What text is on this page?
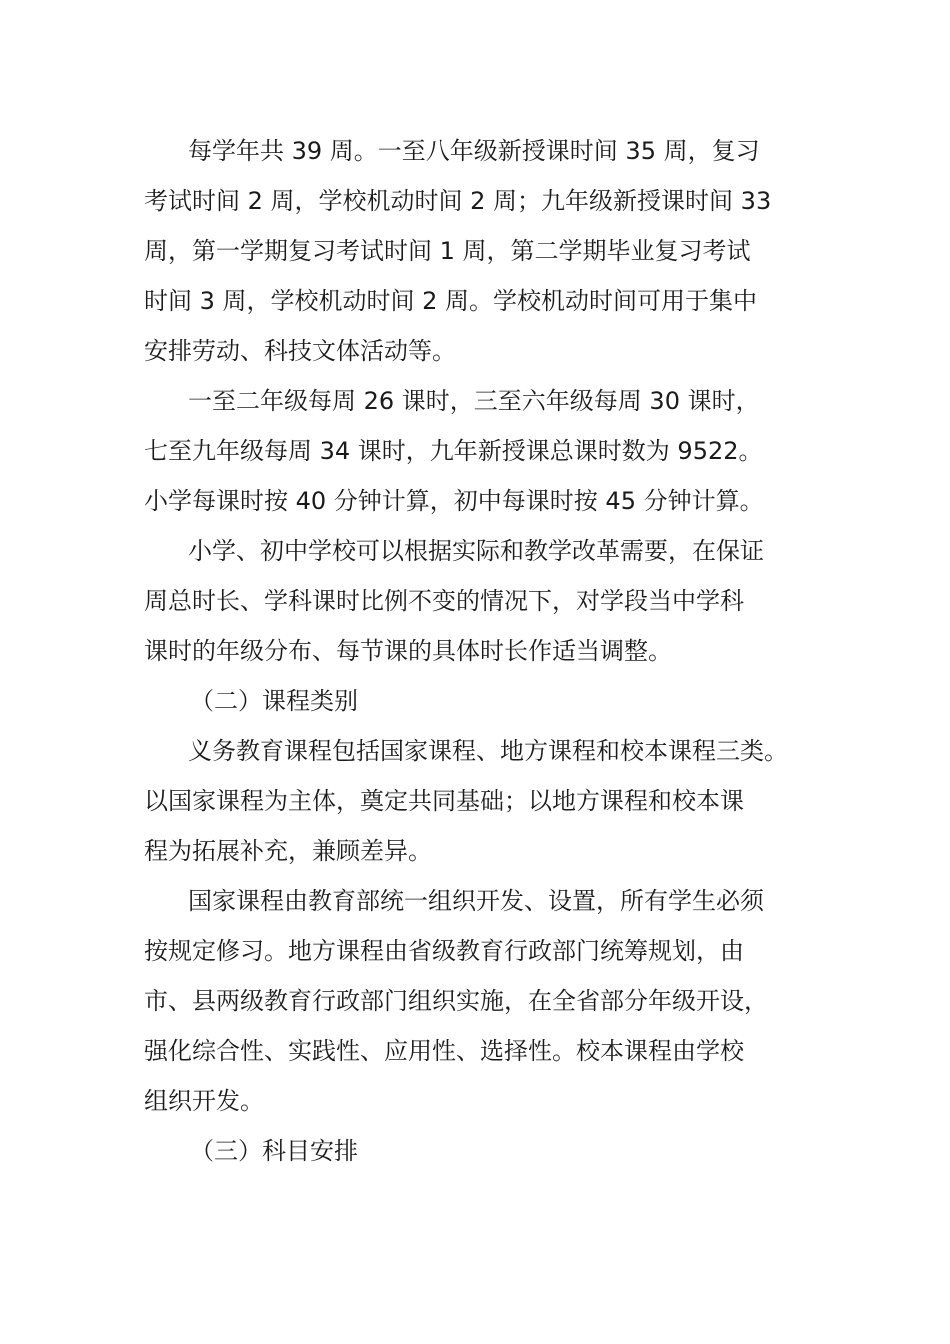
每学年共 39 周。一至八年级新授课时间 35 周，复习
考试时间 2 周，学校机动时间 2 周；九年级新授课时间 33
周，第一学期复习考试时间 1 周，第二学期毕业复习考试
时间 3 周，学校机动时间 2 周。学校机动时间可用于集中
安排劳动、科技文体活动等。
一至二年级每周 26 课时，三至六年级每周 30 课时，
七至九年级每周 34 课时，九年新授课总课时数为 9522。
小学每课时按 40 分钟计算，初中每课时按 45 分钟计算。
小学、初中学校可以根据实际和教学改革需要，在保证
周总时长、学科课时比例不变的情况下，对学段当中学科
课时的年级分布、每节课的具体时长作适当调整。
（二）课程类别
义务教育课程包括国家课程、地方课程和校本课程三类。
以国家课程为主体，奠定共同基础；以地方课程和校本课
程为拓展补充，兼顾差异。
国家课程由教育部统一组织开发、设置，所有学生必须
按规定修习。地方课程由省级教育行政部门统筹规划，由
市、县两级教育行政部门组织实施，在全省部分年级开设，
强化综合性、实践性、应用性、选择性。校本课程由学校
组织开发。
（三）科目安排
